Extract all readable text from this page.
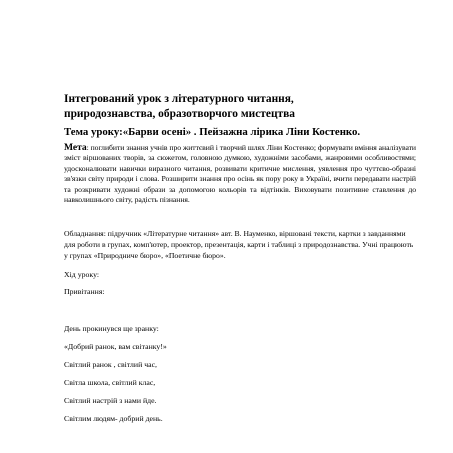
Інтегрований урок з літературного читання,
природознавства, образотворчого мистецтва
Тема уроку:«Барви осені» . Пейзажна лірика Ліни Костенко.
Мета: поглибити знання учнів про життєвий і творчий шлях Ліни Костенко; формувати вміння аналізувати зміст віршованих творів, за сюжетом, головною думкою, художніми засобами, жанровими особливостями; удосконалювати навички виразного читання, розвивати критичне мислення, уявлення про чуттєво-образні зв'язки світу природи і слова. Розширити знання про осінь як пору року в Україні, вчити передавати настрій та розкривати художні образи за допомогою кольорів та відтінків. Виховувати позитивне ставлення до навколишнього світу, радість пізнання.
Обладнання: підручник «Літературне читання» авт. В. Науменко, віршовані тексти, картки з завданнями для роботи в групах, комп'ютер, проектор, презентація, карти і таблиці з природознавства. Учні працюють у групах «Природниче бюро», «Поетичне бюро».
Хід уроку:
Привітання:
День прокинувся ще зранку:
«Добрий ранок, вам світанку!»
Світлий ранок , світлий час,
Світла школа, світлий клас,
Світлий настрій з нами йде.
Світлим людям- добрий день.
